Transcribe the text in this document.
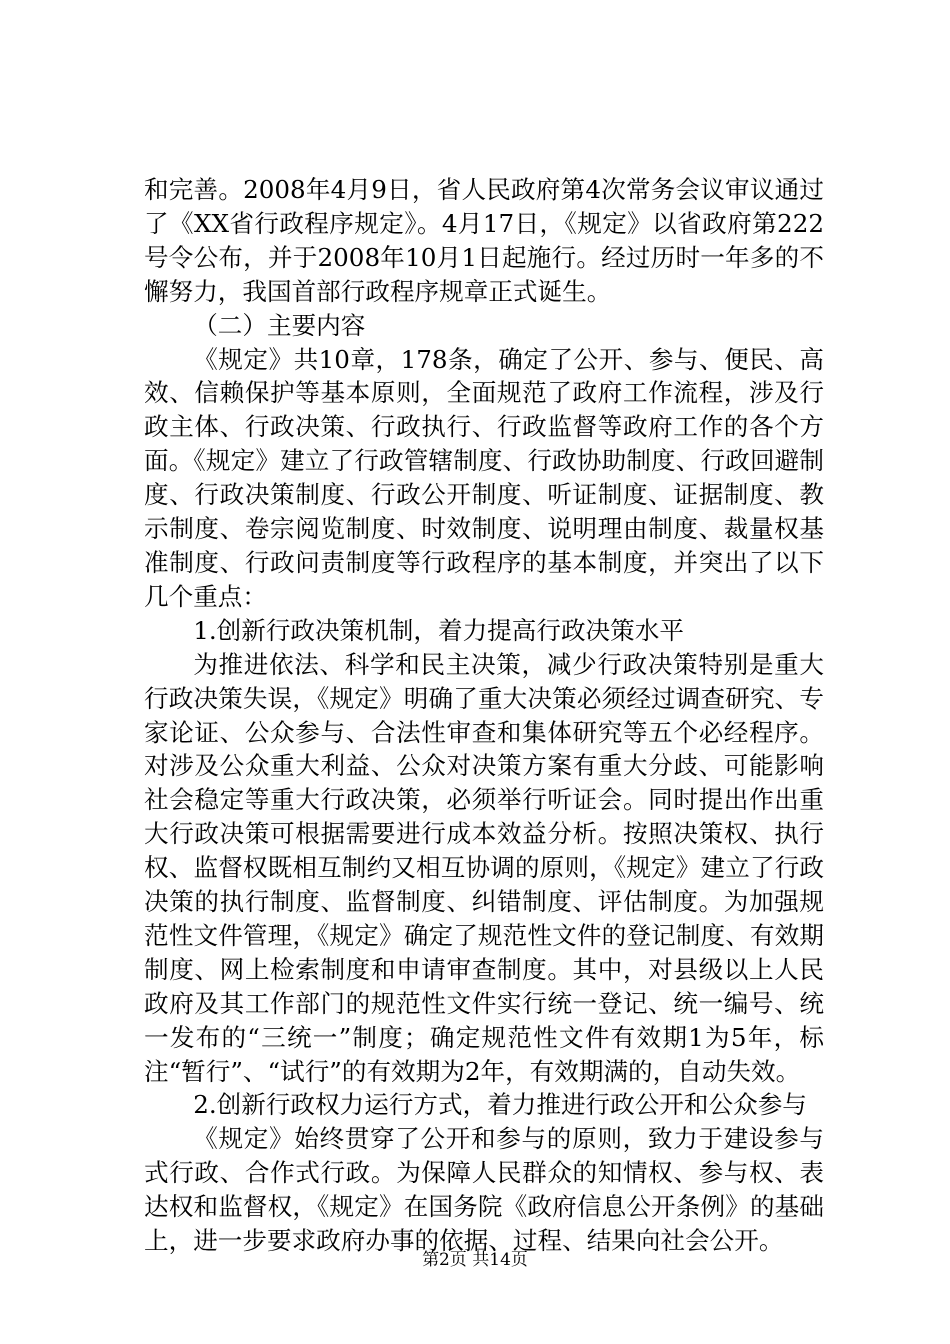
和完善。2008年4月9日，省人民政府第4次常务会议审议通过了《XX省行政程序规定》。4月17日，《规定》以省政府第222号令公布，并于2008年10月1日起施行。经过历时一年多的不懈努力，我国首部行政程序规章正式诞生。

（二）主要内容

《规定》共10章，178条，确定了公开、参与、便民、高效、信赖保护等基本原则，全面规范了政府工作流程，涉及行政主体、行政决策、行政执行、行政监督等政府工作的各个方面。《规定》建立了行政管辖制度、行政协助制度、行政回避制度、行政决策制度、行政公开制度、听证制度、证据制度、教示制度、卷宗阅览制度、时效制度、说明理由制度、裁量权基准制度、行政问责制度等行政程序的基本制度，并突出了以下几个重点：

1.创新行政决策机制，着力提高行政决策水平

为推进依法、科学和民主决策，减少行政决策特别是重大行政决策失误，《规定》明确了重大决策必须经过调查研究、专家论证、公众参与、合法性审查和集体研究等五个必经程序。对涉及公众重大利益、公众对决策方案有重大分歧、可能影响社会稳定等重大行政决策，必须举行听证会。同时提出作出重大行政决策可根据需要进行成本效益分析。按照决策权、执行权、监督权既相互制约又相互协调的原则，《规定》建立了行政决策的执行制度、监督制度、纠错制度、评估制度。为加强规范性文件管理，《规定》确定了规范性文件的登记制度、有效期制度、网上检索制度和申请审查制度。其中，对县级以上人民政府及其工作部门的规范性文件实行统一登记、统一编号、统一发布的“三统一”制度；确定规范性文件有效期1为5年，标注“暂行”、“试行”的有效期为2年，有效期满的，自动失效。

2.创新行政权力运行方式，着力推进行政公开和公众参与

《规定》始终贯穿了公开和参与的原则，致力于建设参与式行政、合作式行政。为保障人民群众的知情权、参与权、表达权和监督权，《规定》在国务院《政府信息公开条例》的基础上，进一步要求政府办事的依据、过程、结果向社会公开。

第2页 共14页
